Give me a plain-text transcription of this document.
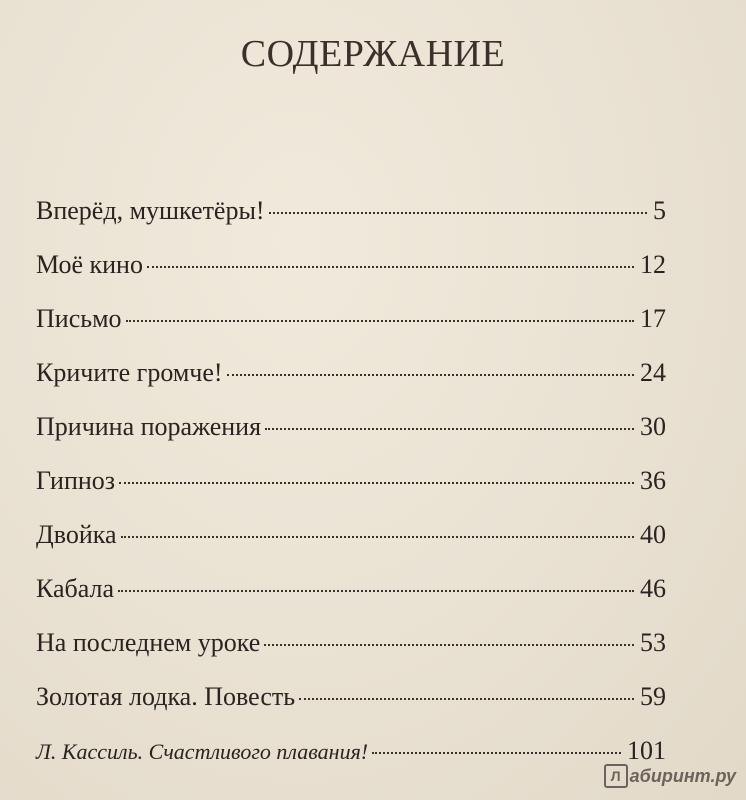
СОДЕРЖАНИЕ
Вперёд, мушкетёры!	5
Моё кино	12
Письмо	17
Кричите громче!	24
Причина поражения	30
Гипноз	36
Двойка	40
Кабала	46
На последнем уроке	53
Золотая лодка. Повесть	59
Л. Кассиль. Счастливого плавания!	101
Л абиринт.ру
